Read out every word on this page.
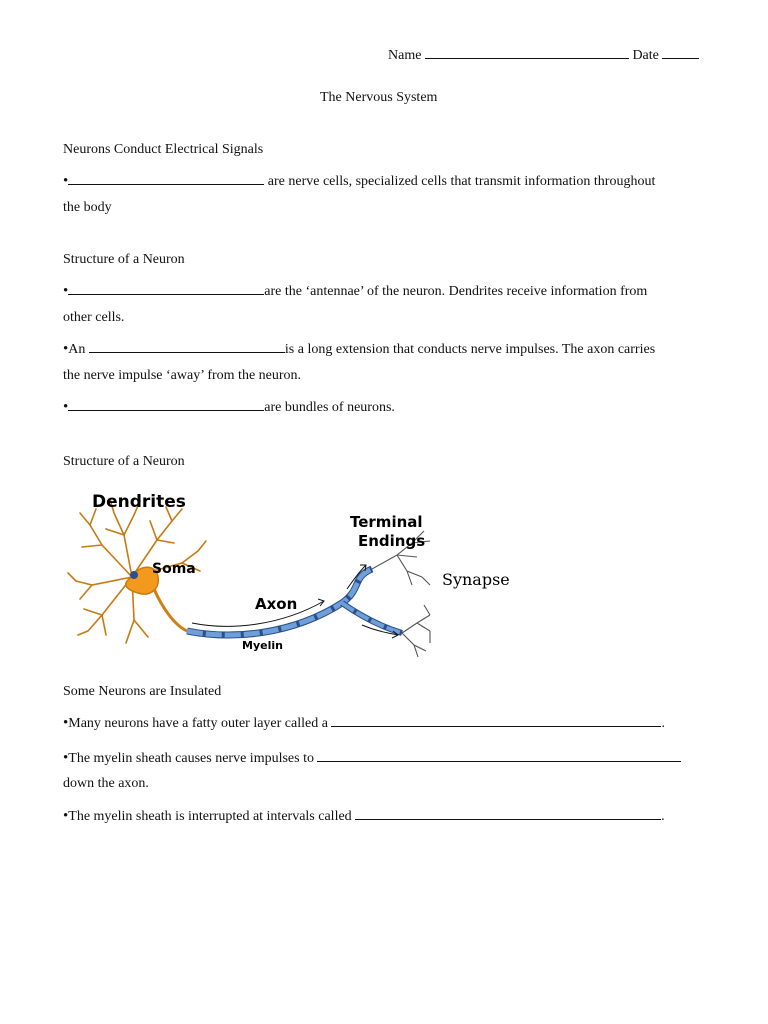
Name	Date
The Nervous System
Neurons Conduct Electrical Signals
•	are nerve cells, specialized cells that transmit information throughout
the body
Structure of a Neuron
•	are the ‘antennae’ of the neuron. Dendrites receive information from
other cells.
•An	is a long extension that conducts nerve impulses. The axon carries
the nerve impulse ‘away’ from the neuron.
•	are bundles of neurons.
Structure of a Neuron
Dendrites
Soma
Axon
Myelin
Terminal
Endings
Synapse
Some Neurons are Insulated
•Many neurons have a fatty outer layer called a	.
•The myelin sheath causes nerve impulses to
down the axon.
•The myelin sheath is interrupted at intervals called	.
